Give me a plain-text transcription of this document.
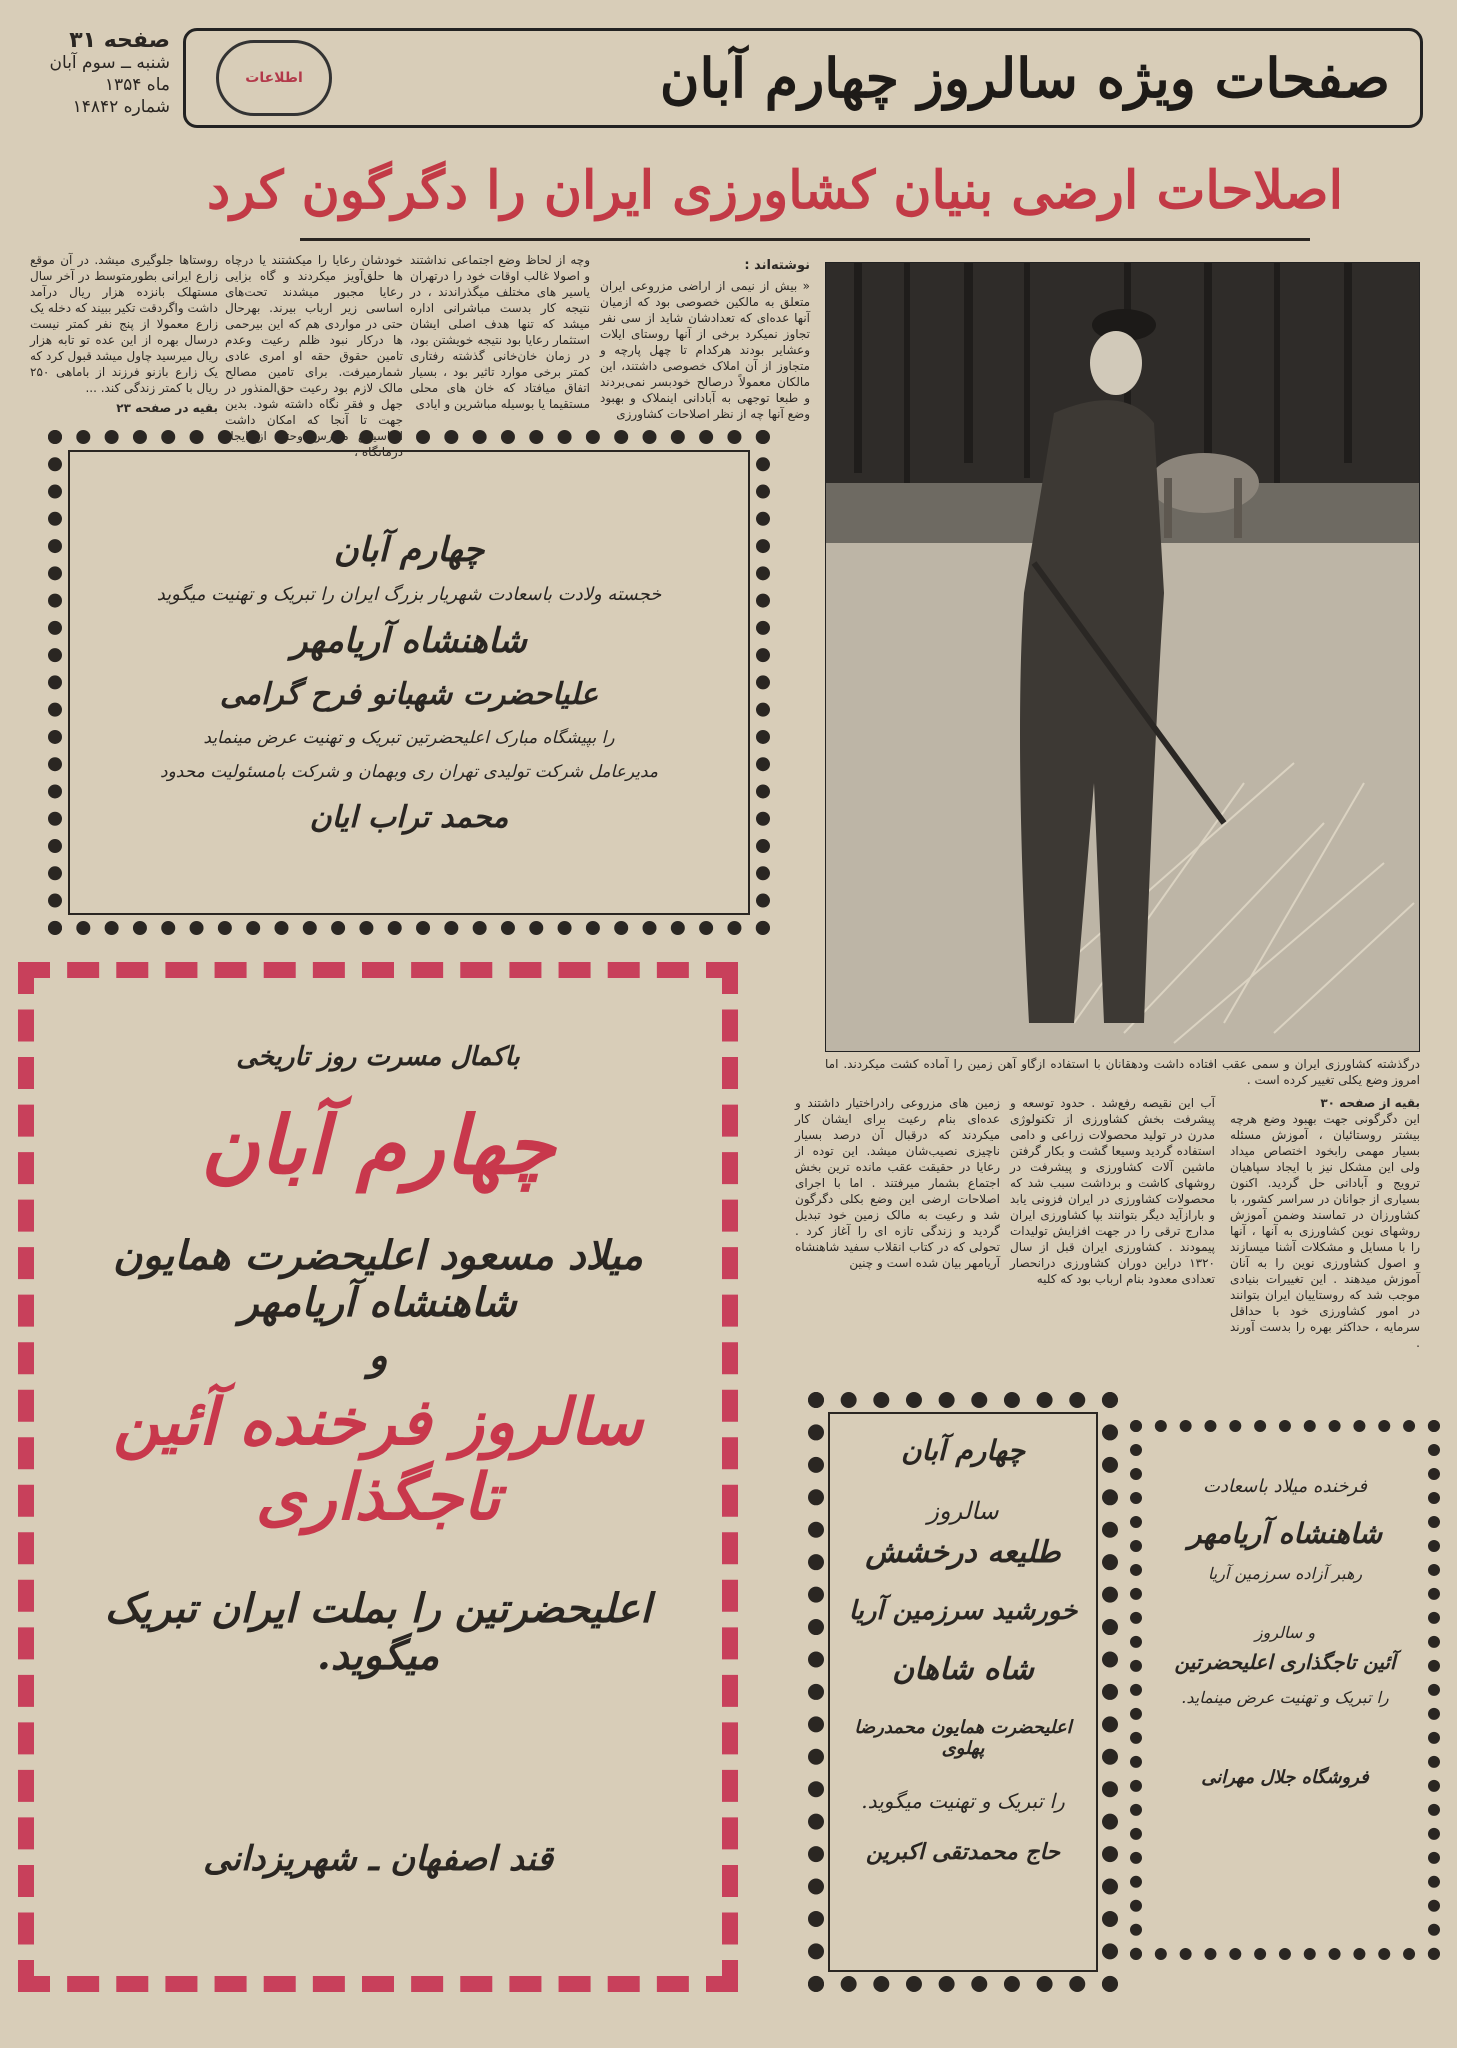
صفحه ۳۱
شنبه ــ سوم آبان
ماه ۱۳۵۴
شماره ۱۴۸۴۲	صفحات ویژه سالروز چهارم آبان
اطلاعات
اصلاحات ارضی بنیان کشاورزی ایران را دگرگون کرد
نوشته‌اند :
« بیش از نیمی از اراضی مزروعی ایران متعلق به مالکین خصوصی بود که ازمیان آنها عده‌ای که تعدادشان شاید از سی نفر تجاوز نمیکرد برخی از آنها روستای ایلات وعشایر بودند هرکدام تا چهل پارچه و متجاوز از آن املاک خصوصی داشتند، این مالکان معمولاً درصالح خودبسر نمی‌بردند و طبعا توجهی به آبادانی اینملاک و بهبود وضع آنها چه از نظر اصلاحات کشاورزی
وچه از لحاظ وضع اجتماعی نداشتند و اصولا غالب اوقات خود را درتهران یاسیر های مختلف میگذراندند ، در نتیجه کار بدست مباشرانی اداره میشد که تنها هدف اصلی ایشان استثمار رعایا بود نتیجه خویشتن بود، در زمان خان‌خانی گذشته رفتاری کمتر برخی موارد تاثیر بود ، بسیار اتفاق میافتاد که خان های محلی مستقیما یا بوسیله مباشرین و ایادی
خودشان رعایا را میکشتند یا درچاه ها حلق‌آویز میکردند و گاه بزایی رعایا مجبور میشدند تحت‌های اساسی زیر ارباب بیرند. بهرحال حتی در مواردی هم که این بیرحمی ها درکار نبود ظلم رعیت وعدم تامین حقوق حقه او امری عادی شمارمیرفت. برای تامین مصالح مالک لازم بود رعیت حق‌المنذور در جهل و فقر نگاه داشته شود. بدین جهت تا آنجا که امکان داشت ازتاسیس مدارس وحتی از ایجاد درمانگاه ،
روستاها جلوگیری میشد. در آن موقع زارع ایرانی بطورمتوسط در آخر سال مستهلک بانزده هزار ریال درآمد داشت واگردقت تکیر ببیند که دخله یک زارع معمولا از پنج نفر کمتر نیست درسال بهره از این عده تو تابه هزار ریال میرسید چاول میشد قبول کرد که یک زارع بازنو فرزند از باماهی ۲۵۰ ریال با کمتر زندگی کند. ...
بقیه در صفحه ۲۳
درگذشته کشاورزی ایران و سمی عقب افتاده داشت ودهقانان با استفاده ازگاو آهن زمین را آماده کشت میکردند. اما امروز وضع یکلی تغییر کرده است .
چهارم آبان
خجسته ولادت باسعادت شهریار بزرگ ایران را تبریک و تهنیت میگوید
شاهنشاه آریامهر
علیاحضرت شهبانو فرح گرامی
را بپیشگاه مبارک اعلیحضرتین تبریک و تهنیت عرض مینماید
مدیرعامل شرکت تولیدی تهران ری وبهمان و شرکت بامسئولیت محدود
محمد تراب ایان
باکمال مسرت روز تاریخی
چهارم آبان
میلاد مسعود اعلیحضرت همایون شاهنشاه آریامهر
و
سالروز فرخنده آئین تاجگذاری
اعلیحضرتین را بملت ایران تبریک میگوید.
قند اصفهان ـ شهریزدانی
بقیه از صفحه ۳۰
این دگرگونی جهت بهبود وضع هرچه بیشتر روستائیان ، آموزش مسئله بسیار مهمی رابخود اختصاص میداد ولی این مشکل نیز با ایجاد سپاهیان ترویج و آبادانی حل گردید. اکنون بسیاری از جوانان در سراسر کشور، با کشاورزان در تماسند وضمن آموزش روشهای نوین کشاورزی به آنها ، آنها را با مسایل و مشکلات آشنا میسازند و اصول کشاورزی نوین را به آنان آموزش میدهند . این تغییرات بنیادی موجب شد که روستاییان ایران بتوانند در امور کشاورزی خود با حداقل سرمایه ، حداکثر بهره را بدست آورند .
آب این نقیصه رفع‌شد . حدود توسعه و پیشرفت بخش کشاورزی از تکنولوژی مدرن در تولید محصولات زراعی و دامی استفاده گردید وسیعا گشت و بکار گرفتن ماشین آلات کشاورزی و پیشرفت در روشهای کاشت و برداشت سبب شد که محصولات کشاورزی در ایران فزونی یابد و باراز‌آید دیگر بتوانند بپا کشاورزی ایران مدارج ترقی را در جهت افزایش تولیدات پیمودند . کشاورزی ایران قبل از سال ۱۳۲۰ دراین دوران کشاورزی درانحصار تعدادی معدود بنام ارباب بود که کلیه
زمین های مزروعی راد‌راختیار داشتند و عده‌ای بنام رعیت برای ایشان کار میکردند که درقبال آن درصد بسیار ناچیزی نصیب‌شان میشد. این توده از رعایا در حقیقت عقب مانده ترین بخش اجتماع بشمار میرفتند . اما با اجرای اصلاحات ارضی این وضع بکلی دگرگون شد و رعیت به مالک زمین خود تبدیل گردید و زندگی تازه ای را آغاز کرد . تحولی که در کتاب انقلاب سفید شاهنشاه آریامهر بیان شده است و چنین
چهارم آبان
سالروز
طلیعه درخشش
خورشید سرزمین آریا
شاه شاهان
اعلیحضرت همایون محمدرضا پهلوی
را تبریک و تهنیت میگوید.
حاج محمدتقی اکبرین
فرخنده میلاد باسعادت
شاهنشاه آریامهر
رهبر آزاده سرزمین آریا
و سالروز
آئین تاجگذاری اعلیحضرتین
را تبریک و تهنیت عرض مینماید.
فروشگاه جلال مهرانی
